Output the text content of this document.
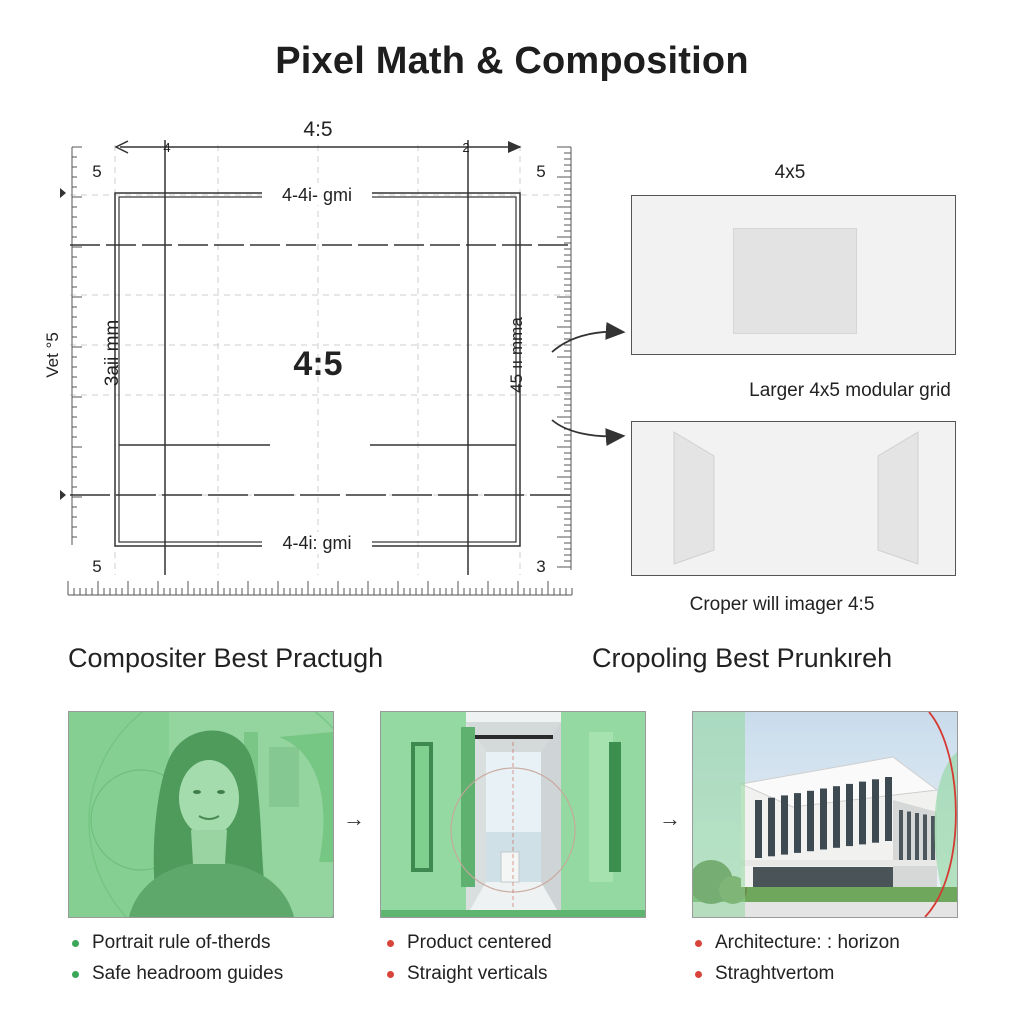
Pixel Math & Composition
4:5
4	2
5	5
5	3
4-4i- gmi
4-4i: gmi
4:5
3aii mm	45 ıı mma
Vet °5
4x5
Larger 4x5 modular grid
Croper will imager 4:5
Compositer Best Practugh	Cropoling Best Prunkιreh
→	→
Portrait rule of-therds
Safe headroom guides
Product centered
Straight verticals
Architecture: : horizon
Straghtvertom
